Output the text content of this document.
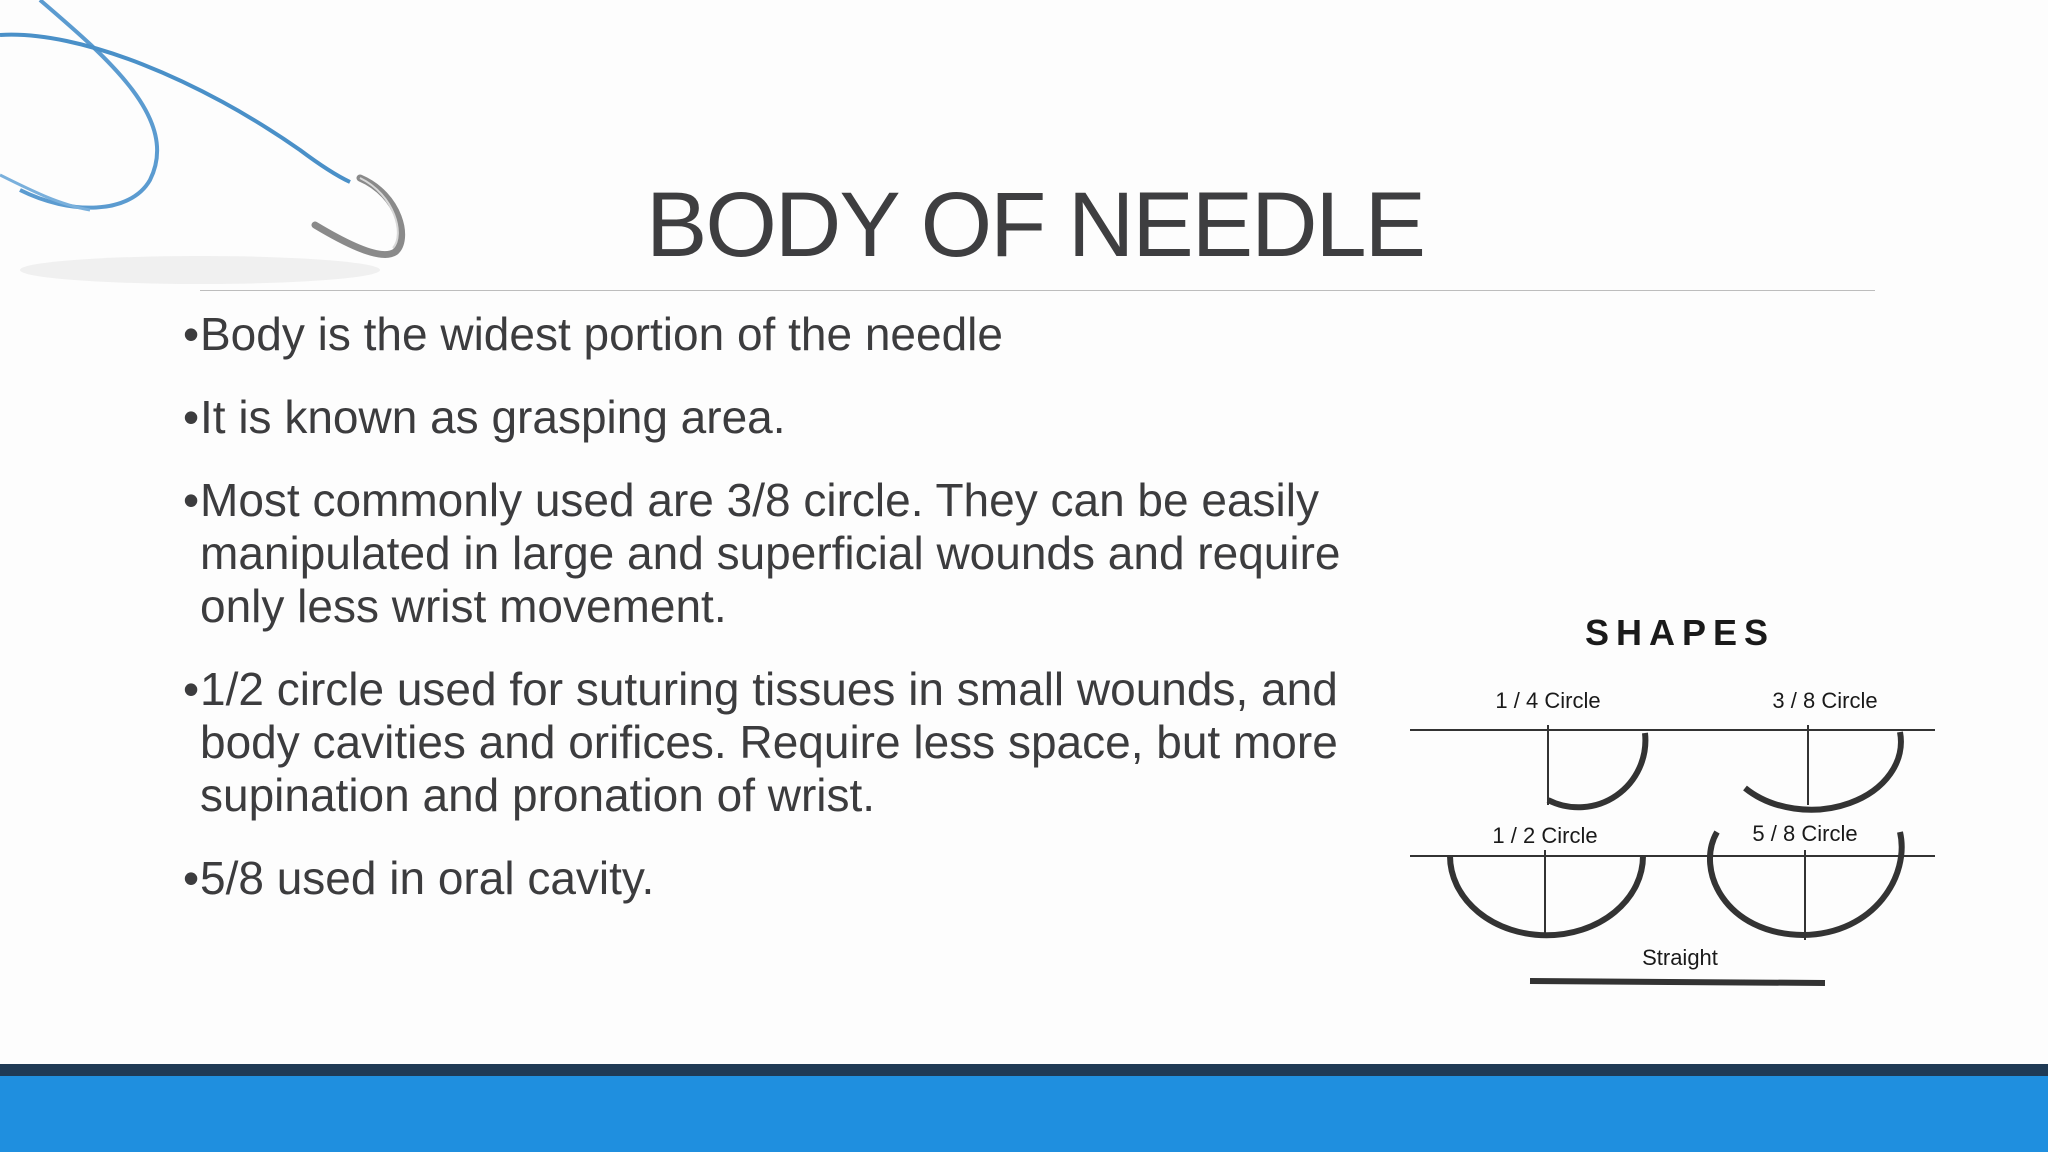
BODY OF NEEDLE
• Body is the widest portion of the needle
• It is known as grasping area.
• Most commonly used are 3/8 circle. They can be easily manipulated in large and superficial wounds and require only less wrist movement.
• 1/2 circle used for suturing tissues in small wounds, and body cavities and orifices. Require less space, but more supination and pronation of wrist.
• 5/8 used in oral cavity.
SHAPES
1 / 4 Circle	3 / 8 Circle
1 / 2 Circle	5 / 8 Circle
Straight
